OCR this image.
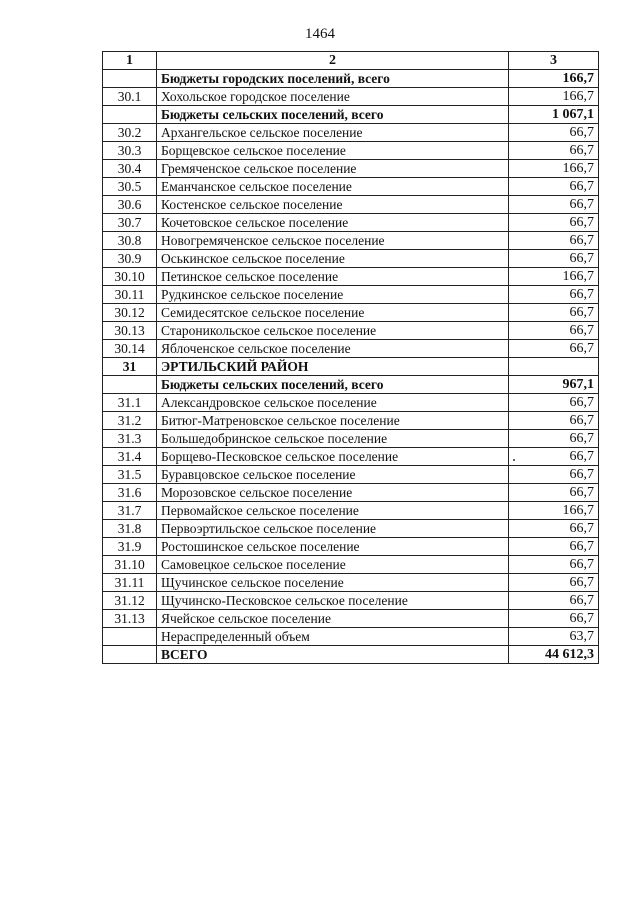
1464
1	2	3
	Бюджеты городских поселений, всего	166,7
30.1	Хохольское городское поселение	166,7
	Бюджеты сельских поселений, всего	1 067,1
30.2	Архангельское сельское поселение	66,7
30.3	Борщевское сельское поселение	66,7
30.4	Гремяченское сельское поселение	166,7
30.5	Еманчанское сельское поселение	66,7
30.6	Костенское сельское поселение	66,7
30.7	Кочетовское сельское поселение	66,7
30.8	Новогремяченское сельское поселение	66,7
30.9	Оськинское сельское поселение	66,7
30.10	Петинское сельское поселение	166,7
30.11	Рудкинское сельское поселение	66,7
30.12	Семидесятское сельское поселение	66,7
30.13	Староникольское сельское поселение	66,7
30.14	Яблоченское сельское поселение	66,7
31	ЭРТИЛЬСКИЙ РАЙОН	
	Бюджеты сельских поселений, всего	967,1
31.1	Александровское сельское поселение	66,7
31.2	Битюг-Матреновское сельское поселение	66,7
31.3	Большедобринское сельское поселение	66,7
31.4	Борщево-Песковское сельское поселение	66,7
31.5	Буравцовское сельское поселение	66,7
31.6	Морозовское сельское поселение	66,7
31.7	Первомайское сельское поселение	166,7
31.8	Первоэртильское сельское поселение	66,7
31.9	Ростошинское сельское поселение	66,7
31.10	Самовецкое сельское поселение	66,7
31.11	Щучинское сельское поселение	66,7
31.12	Щучинско-Песковское сельское поселение	66,7
31.13	Ячейское сельское поселение	66,7
	Нераспределенный объем	63,7
	ВСЕГО	44 612,3
